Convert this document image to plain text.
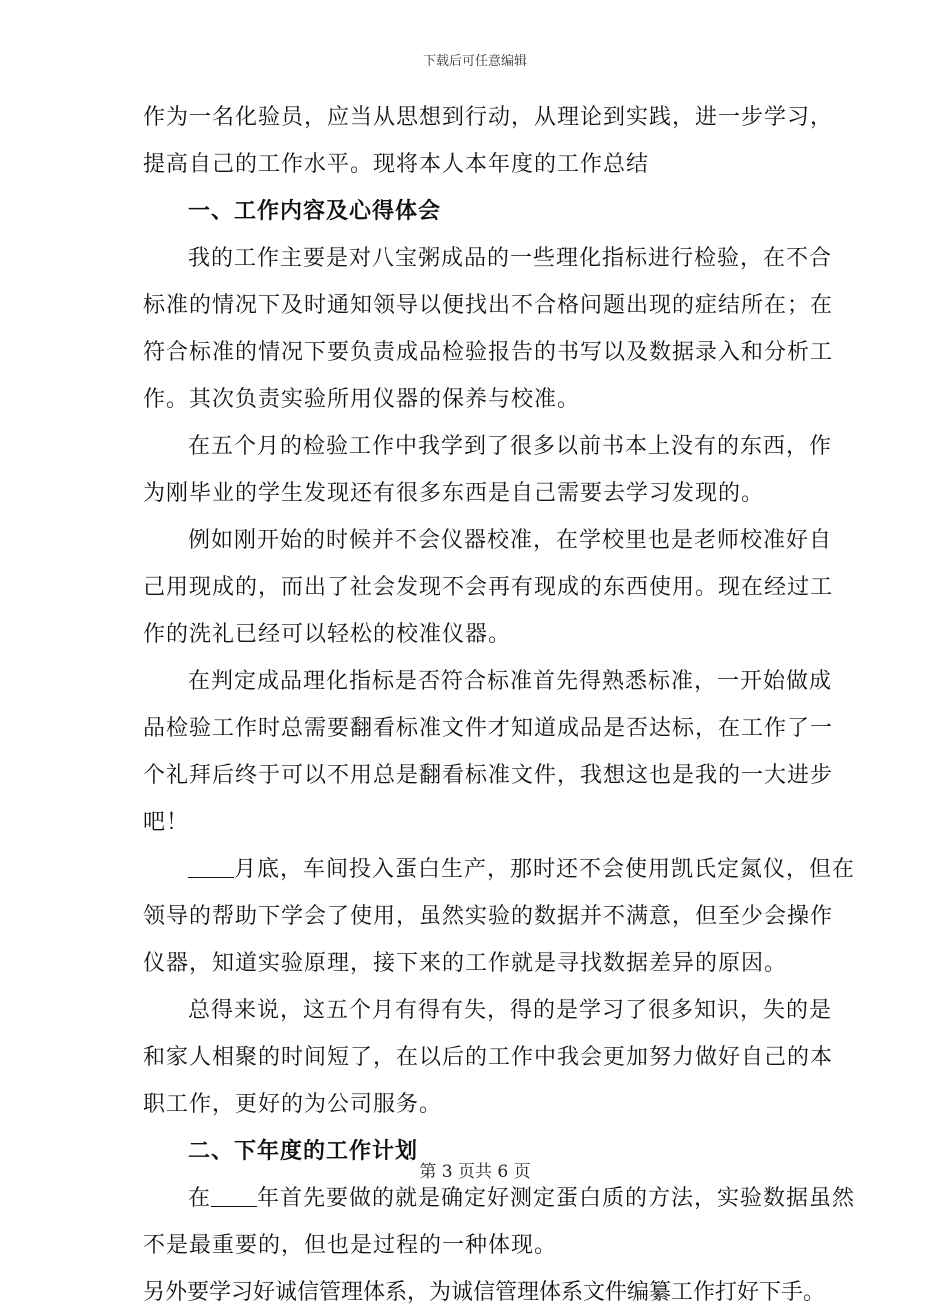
下载后可任意编辑
作为一名化验员，应当从思想到行动，从理论到实践，进一步学习，
提高自己的工作水平。现将本人本年度的工作总结
一、工作内容及心得体会
我的工作主要是对八宝粥成品的一些理化指标进行检验，在不合
标准的情况下及时通知领导以便找出不合格问题出现的症结所在；在
符合标准的情况下要负责成品检验报告的书写以及数据录入和分析工
作。其次负责实验所用仪器的保养与校准。
在五个月的检验工作中我学到了很多以前书本上没有的东西，作
为刚毕业的学生发现还有很多东西是自己需要去学习发现的。
例如刚开始的时候并不会仪器校准，在学校里也是老师校准好自
己用现成的，而出了社会发现不会再有现成的东西使用。现在经过工
作的洗礼已经可以轻松的校准仪器。
在判定成品理化指标是否符合标准首先得熟悉标准，一开始做成
品检验工作时总需要翻看标准文件才知道成品是否达标，在工作了一
个礼拜后终于可以不用总是翻看标准文件，我想这也是我的一大进步
吧！
月底，车间投入蛋白生产，那时还不会使用凯氏定氮仪，但在
领导的帮助下学会了使用，虽然实验的数据并不满意，但至少会操作
仪器，知道实验原理，接下来的工作就是寻找数据差异的原因。
总得来说，这五个月有得有失，得的是学习了很多知识，失的是
和家人相聚的时间短了，在以后的工作中我会更加努力做好自己的本
职工作，更好的为公司服务。
二、下年度的工作计划
在 年首先要做的就是确定好测定蛋白质的方法，实验数据虽然
不是最重要的，但也是过程的一种体现。
另外要学习好诚信管理体系，为诚信管理体系文件编纂工作打好下手。
第 3 页共 6 页
